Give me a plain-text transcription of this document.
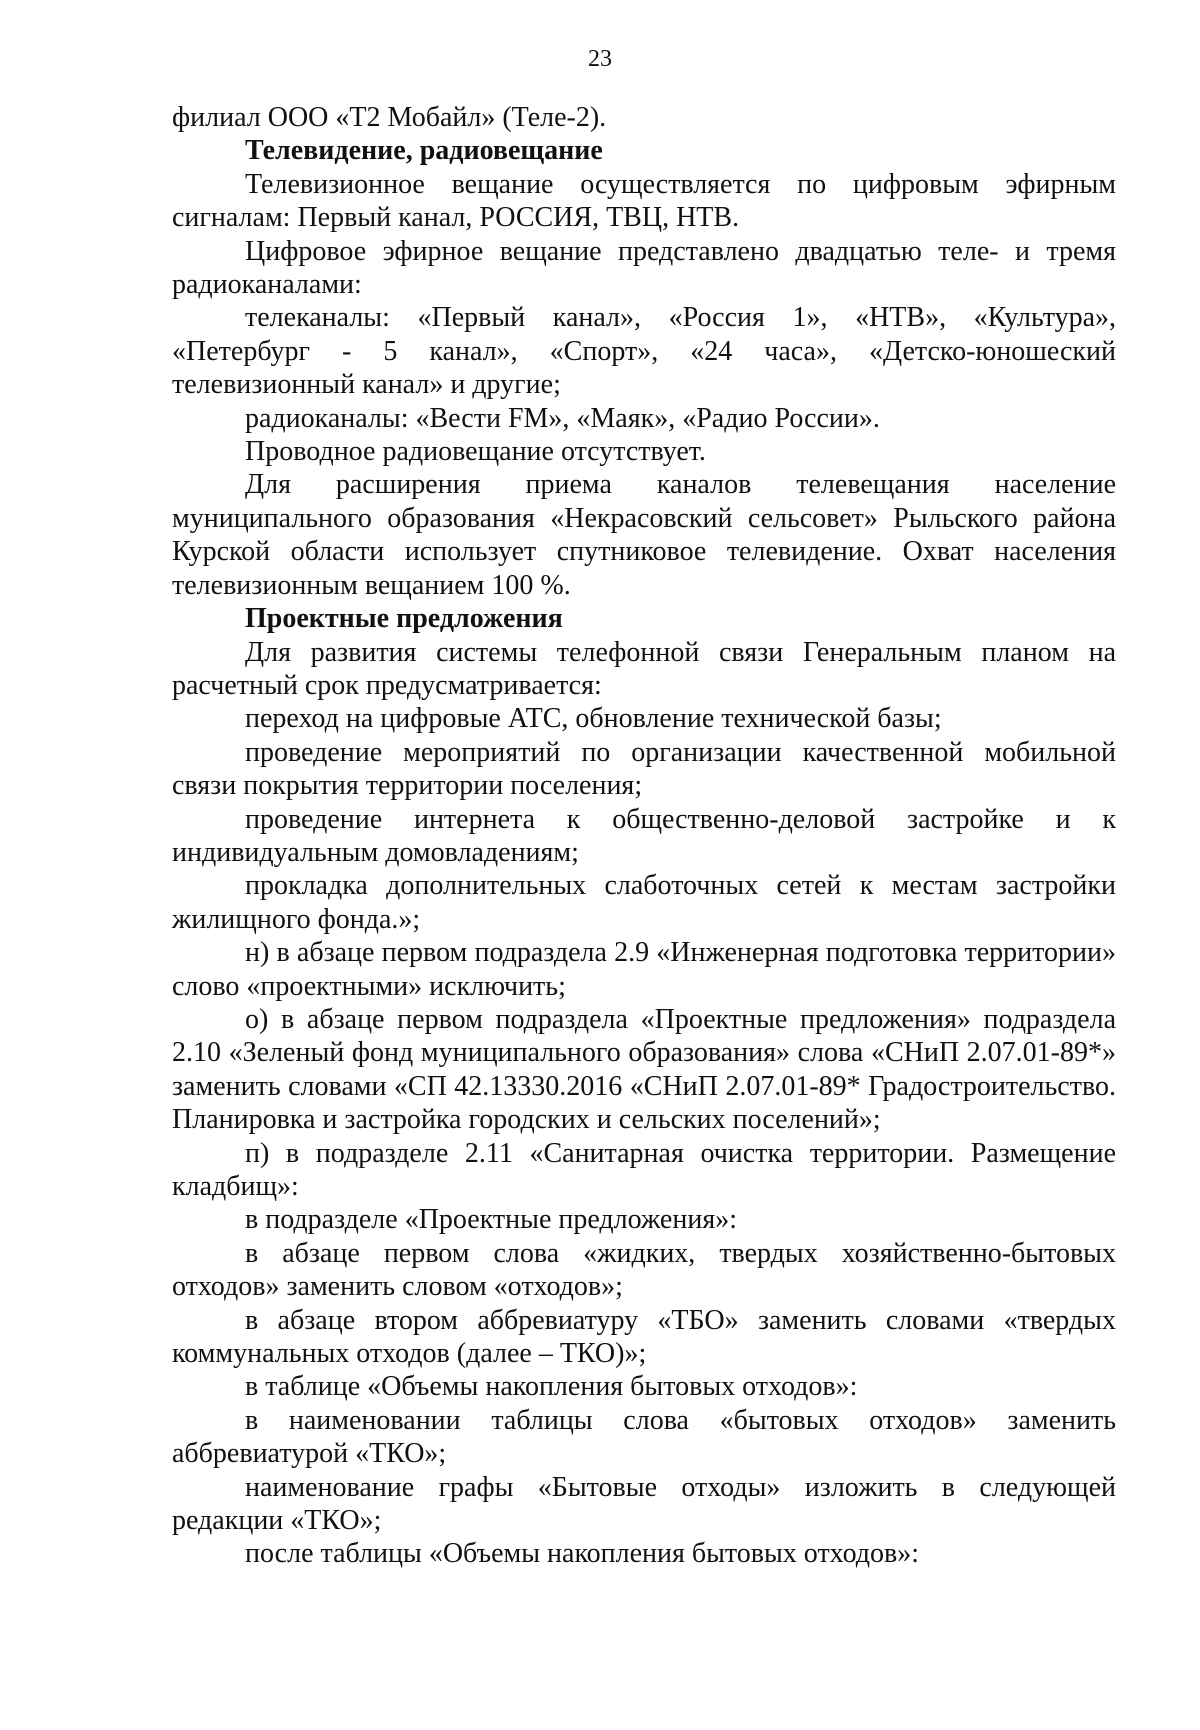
23

филиал ООО «Т2 Мобайл» (Теле-2).

Телевидение, радиовещание

Телевизионное вещание осуществляется по цифровым эфирным сигналам: Первый канал, РОССИЯ, ТВЦ, НТВ.

Цифровое эфирное вещание представлено двадцатью теле- и тремя радиоканалами:

телеканалы: «Первый канал», «Россия 1», «НТВ», «Культура», «Петербург - 5 канал», «Спорт», «24 часа», «Детско-юношеский телевизионный канал» и другие;

радиоканалы: «Вести FM», «Маяк», «Радио России».

Проводное радиовещание отсутствует.

Для расширения приема каналов телевещания население муниципального образования «Некрасовский сельсовет» Рыльского района Курской области использует спутниковое телевидение. Охват населения телевизионным вещанием 100 %.

Проектные предложения

Для развития системы телефонной связи Генеральным планом на расчетный срок предусматривается:

переход на цифровые АТС, обновление технической базы;

проведение мероприятий по организации качественной мобильной связи покрытия территории поселения;

проведение интернета к общественно-деловой застройке и к индивидуальным домовладениям;

прокладка дополнительных слаботочных сетей к местам застройки жилищного фонда.»;

н) в абзаце первом подраздела 2.9 «Инженерная подготовка территории» слово «проектными» исключить;

о) в абзаце первом подраздела «Проектные предложения» подраздела 2.10 «Зеленый фонд муниципального образования» слова «СНиП 2.07.01-89*» заменить словами «СП 42.13330.2016 «СНиП 2.07.01-89* Градостроительство. Планировка и застройка городских и сельских поселений»;

п) в подразделе 2.11 «Санитарная очистка территории. Размещение кладбищ»:

в подразделе «Проектные предложения»:

в абзаце первом слова «жидких, твердых хозяйственно-бытовых отходов» заменить словом «отходов»;

в абзаце втором аббревиатуру «ТБО» заменить словами «твердых коммунальных отходов (далее – ТКО)»;

в таблице «Объемы накопления бытовых отходов»:

в наименовании таблицы слова «бытовых отходов» заменить аббревиатурой «ТКО»;

наименование графы «Бытовые отходы» изложить в следующей редакции «ТКО»;

после таблицы «Объемы накопления бытовых отходов»:
